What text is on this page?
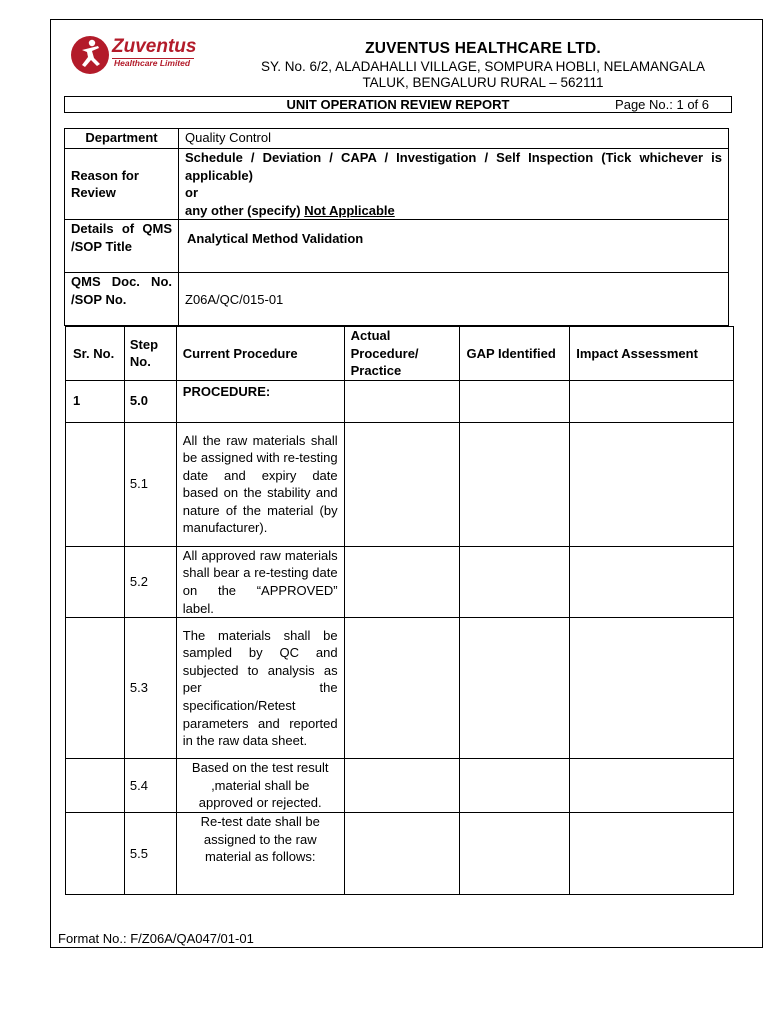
Zuventus
Healthcare Limited
ZUVENTUS HEALTHCARE LTD.
SY. No. 6/2, ALADAHALLI VILLAGE, SOMPURA HOBLI, NELAMANGALA
TALUK, BENGALURU RURAL – 562111
UNIT OPERATION REVIEW REPORT	Page No.: 1 of 6
Department	Quality Control
Reason for Review	Schedule / Deviation / CAPA / Investigation / Self Inspection (Tick whichever is applicable)
or
any other (specify) Not Applicable

Details of QMS /SOP Title	Analytical Method Validation

QMS Doc. No. /SOP No.	Z06A/QC/015-01
Sr. No.	Step No.	Current Procedure	Actual Procedure/ Practice	GAP Identified	Impact Assessment
1	5.0	PROCEDURE:			
	5.1	All the raw materials shall be assigned with re-testing date and expiry date based on the stability and nature of the material (by manufacturer).			
	5.2	All approved raw materials shall bear a re-testing date on the “APPROVED” label.			
	5.3	The materials shall be sampled by QC and subjected to analysis as per the specification/Retest parameters and reported in the raw data sheet.			
	5.4	Based on the test result ,material shall be approved or rejected.			
	5.5	Re-test date shall be assigned to the raw material as follows:			
Format No.: F/Z06A/QA047/01-01
